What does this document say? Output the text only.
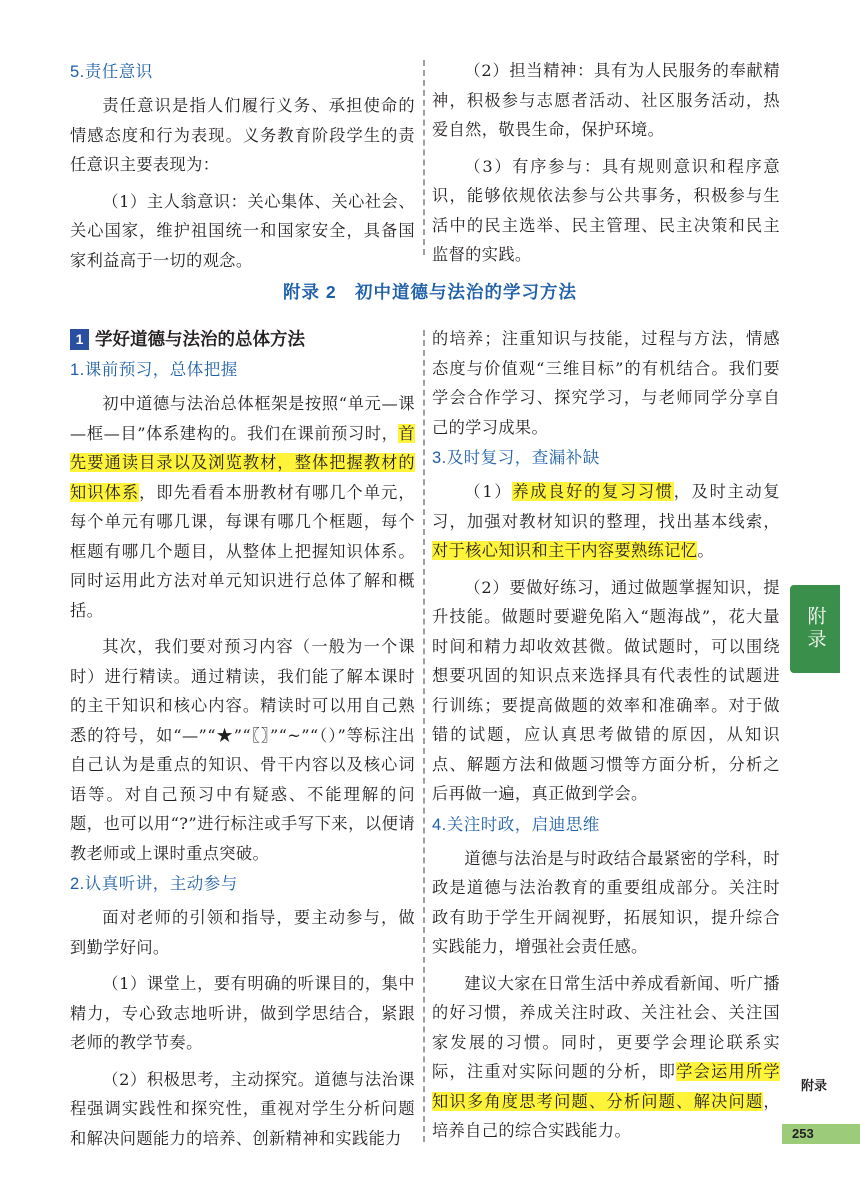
5.责任意识

责任意识是指人们履行义务、承担使命的情感态度和行为表现。义务教育阶段学生的责任意识主要表现为：

（1）主人翁意识：关心集体、关心社会、关心国家，维护祖国统一和国家安全，具备国家利益高于一切的观念。

（2）担当精神：具有为人民服务的奉献精神，积极参与志愿者活动、社区服务活动，热爱自然，敬畏生命，保护环境。

（3）有序参与：具有规则意识和程序意识，能够依规依法参与公共事务，积极参与生活中的民主选举、民主管理、民主决策和民主监督的实践。

附录 2　初中道德与法治的学习方法
1 学好道德与法治的总体方法
1.课前预习，总体把握

初中道德与法治总体框架是按照“单元—课—框—目”体系建构的。我们在课前预习时，首先要通读目录以及浏览教材，整体把握教材的知识体系，即先看看本册教材有哪几个单元，每个单元有哪几课，每课有哪几个框题，每个框题有哪几个题目，从整体上把握知识体系。同时运用此方法对单元知识进行总体了解和概括。

其次，我们要对预习内容（一般为一个课时）进行精读。通过精读，我们能了解本课时的主干知识和核心内容。精读时可以用自己熟悉的符号，如“—”“★”“〖〗”“~”“（）”等标注出自己认为是重点的知识、骨干内容以及核心词语等。对自己预习中有疑惑、不能理解的问题，也可以用“?”进行标注或手写下来，以便请教老师或上课时重点突破。

2.认真听讲，主动参与

面对老师的引领和指导，要主动参与，做到勤学好问。

（1）课堂上，要有明确的听课目的，集中精力，专心致志地听讲，做到学思结合，紧跟老师的教学节奏。

（2）积极思考，主动探究。道德与法治课程强调实践性和探究性，重视对学生分析问题和解决问题能力的培养、创新精神和实践能力

的培养；注重知识与技能，过程与方法，情感态度与价值观“三维目标”的有机结合。我们要学会合作学习、探究学习，与老师同学分享自己的学习成果。

3.及时复习，查漏补缺

（1）养成良好的复习习惯，及时主动复习，加强对教材知识的整理，找出基本线索，对于核心知识和主干内容要熟练记忆。

（2）要做好练习，通过做题掌握知识，提升技能。做题时要避免陷入“题海战”，花大量时间和精力却收效甚微。做试题时，可以围绕想要巩固的知识点来选择具有代表性的试题进行训练；要提高做题的效率和准确率。对于做错的试题，应认真思考做错的原因，从知识点、解题方法和做题习惯等方面分析，分析之后再做一遍，真正做到学会。

4.关注时政，启迪思维

道德与法治是与时政结合最紧密的学科，时政是道德与法治教育的重要组成部分。关注时政有助于学生开阔视野，拓展知识，提升综合实践能力，增强社会责任感。

建议大家在日常生活中养成看新闻、听广播的好习惯，养成关注时政、关注社会、关注国家发展的习惯。同时，更要学会理论联系实际，注重对实际问题的分析，即学会运用所学知识多角度思考问题、分析问题、解决问题，培养自己的综合实践能力。

附录
附录
253
